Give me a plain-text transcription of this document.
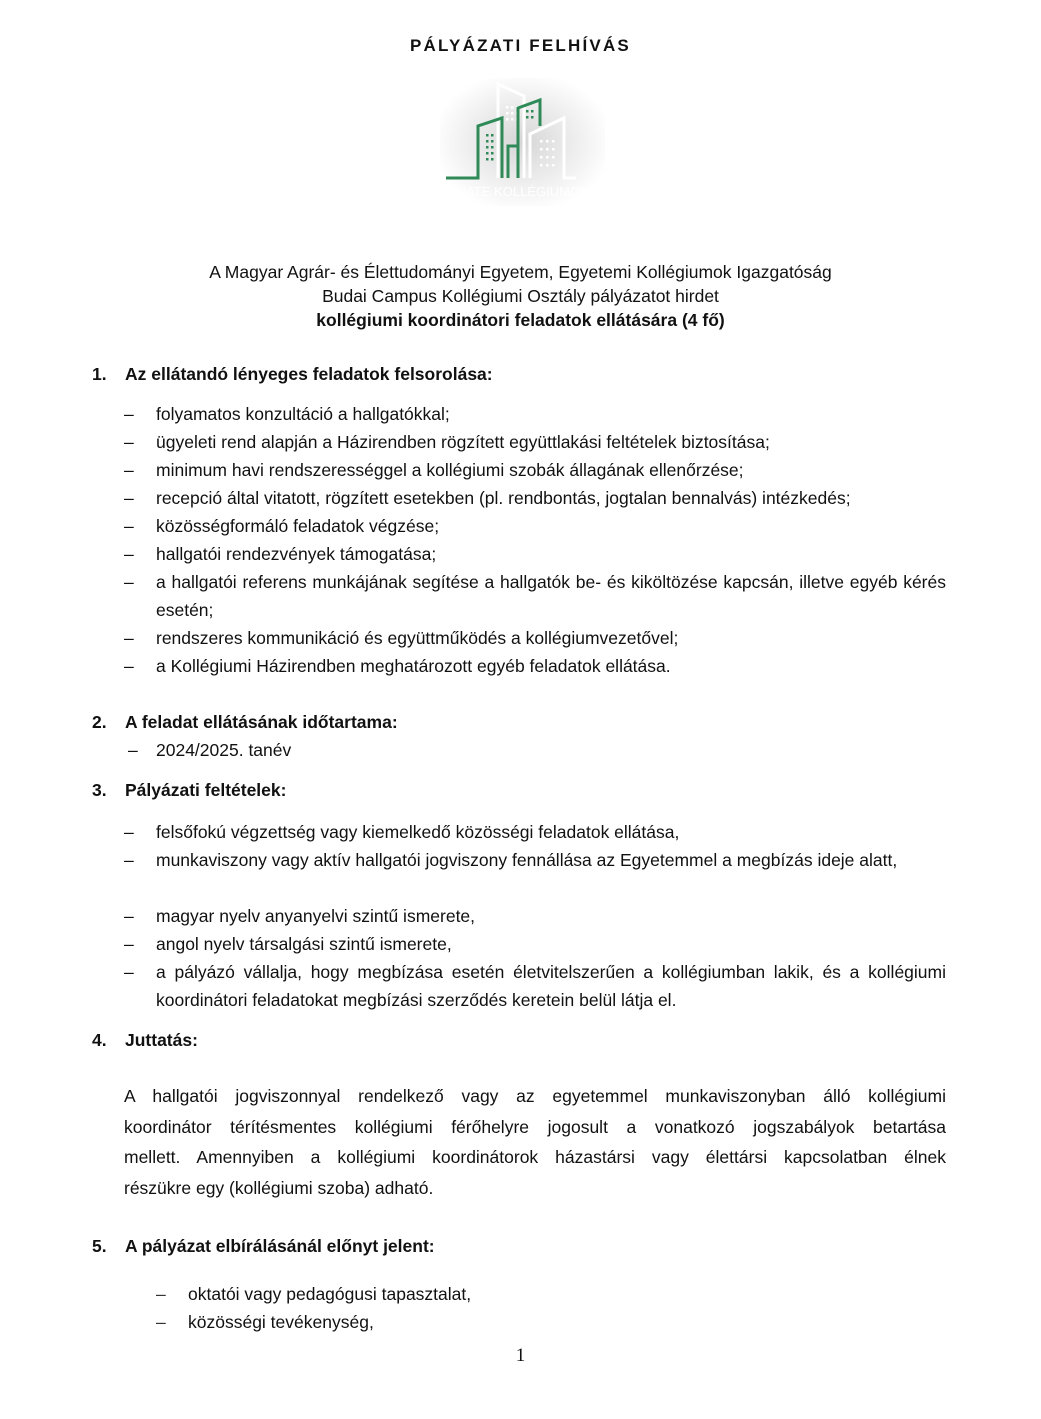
PÁLYÁZATI FELHÍVÁS
MATE KOLLÉGIUMOK
A Magyar Agrár- és Élettudományi Egyetem, Egyetemi Kollégiumok Igazgatóság
Budai Campus Kollégiumi Osztály pályázatot hirdet
kollégiumi koordinátori feladatok ellátására (4 fő)
1.	Az ellátandó lényeges feladatok felsorolása:
–	folyamatos konzultáció a hallgatókkal;
–	ügyeleti rend alapján a Házirendben rögzített együttlakási feltételek biztosítása;
–	minimum havi rendszerességgel a kollégiumi szobák állagának ellenőrzése;
–	recepció által vitatott, rögzített esetekben (pl. rendbontás, jogtalan bennalvás) intézkedés;
–	közösségformáló feladatok végzése;
–	hallgatói rendezvények támogatása;
–	a hallgatói referens munkájának segítése a hallgatók be- és kiköltözése kapcsán, illetve egyéb kérés esetén;
–	rendszeres kommunikáció és együttműködés a kollégiumvezetővel;
–	a Kollégiumi Házirendben meghatározott egyéb feladatok ellátása.
2.	A feladat ellátásának időtartama:
–	2024/2025. tanév
3.	Pályázati feltételek:
–	felsőfokú végzettség vagy kiemelkedő közösségi feladatok ellátása,
–	munkaviszony vagy aktív hallgatói jogviszony fennállása az Egyetemmel a megbízás ideje alatt,
–	magyar nyelv anyanyelvi szintű ismerete,
–	angol nyelv társalgási szintű ismerete,
–	a pályázó vállalja, hogy megbízása esetén életvitelszerűen a kollégiumban lakik, és a kollégiumi koordinátori feladatokat megbízási szerződés keretein belül látja el.
4.	Juttatás:
A hallgatói jogviszonnyal rendelkező vagy az egyetemmel munkaviszonyban álló kollégiumi
koordinátor térítésmentes kollégiumi férőhelyre jogosult a vonatkozó jogszabályok betartása
mellett. Amennyiben a kollégiumi koordinátorok házastársi vagy élettársi kapcsolatban élnek
részükre egy (kollégiumi szoba) adható.
5.	A pályázat elbírálásánál előnyt jelent:
–	oktatói vagy pedagógusi tapasztalat,
–	közösségi tevékenység,
1
